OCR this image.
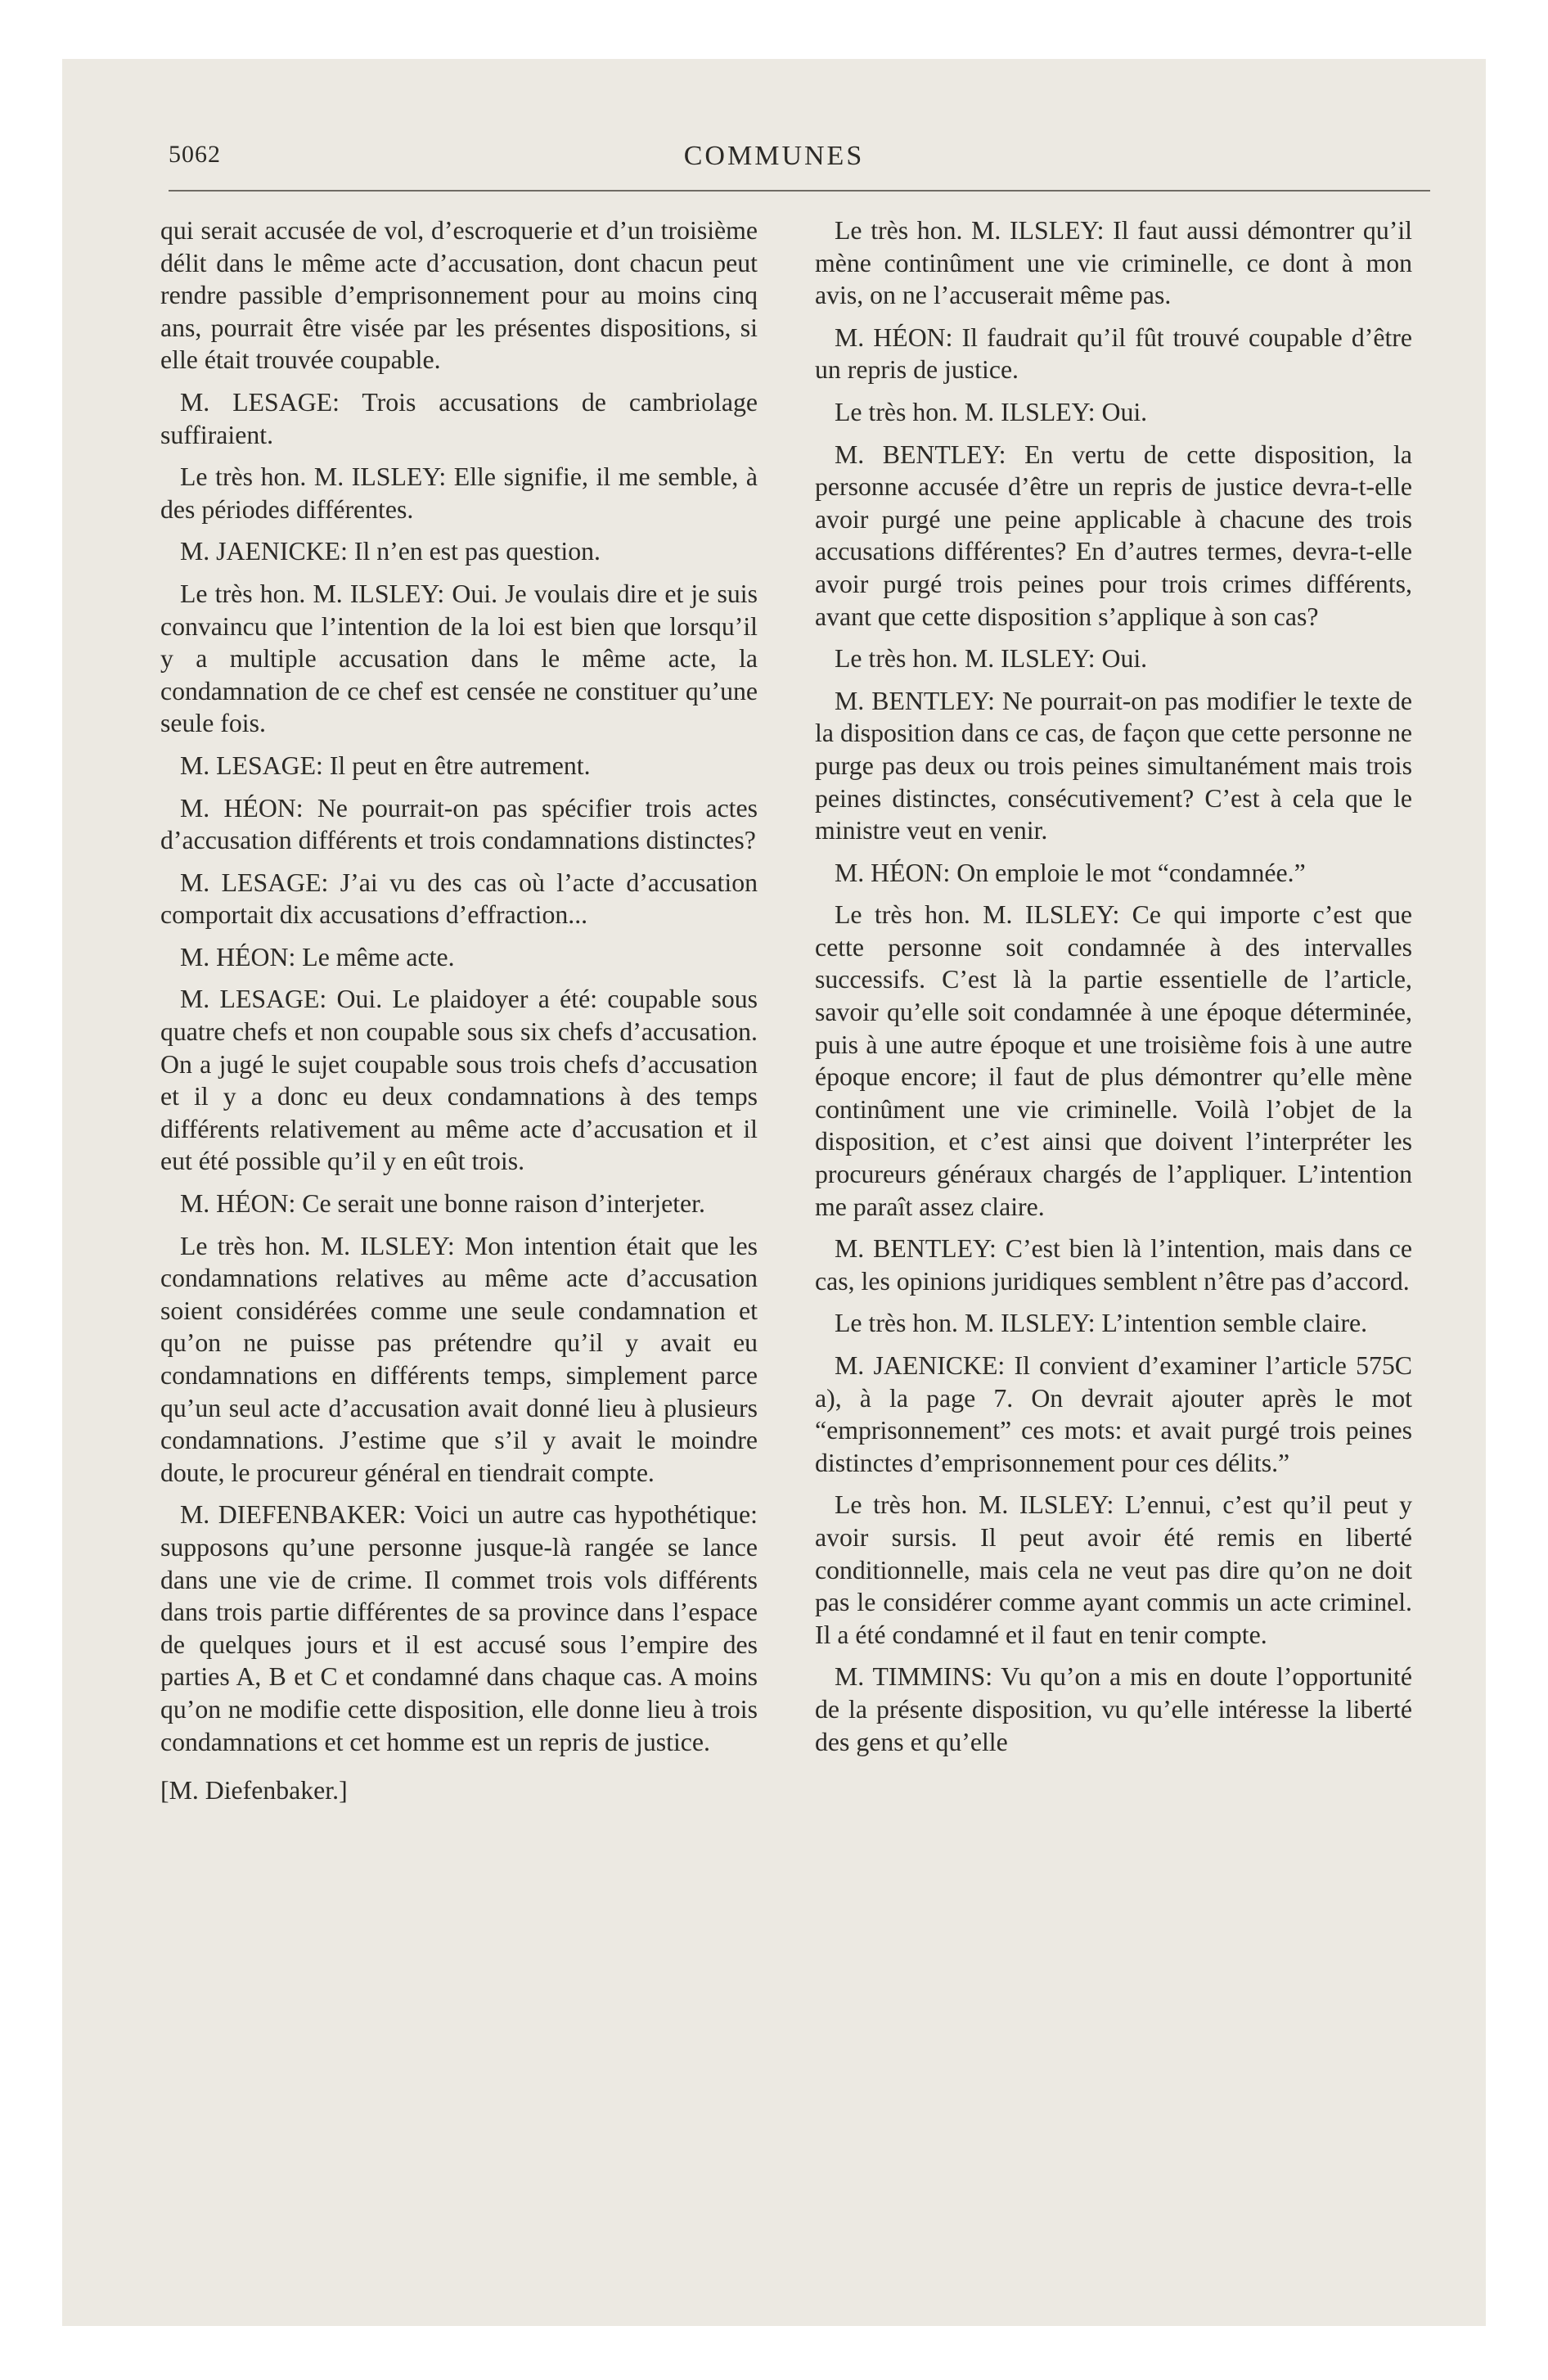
5062	COMMUNES

qui serait accusée de vol, d’escroquerie et d’un troisième délit dans le même acte d’accusation, dont chacun peut rendre passible d’emprisonnement pour au moins cinq ans, pourrait être visée par les présentes dispositions, si elle était trouvée coupable.

M. LESAGE: Trois accusations de cambriolage suffiraient.

Le très hon. M. ILSLEY: Elle signifie, il me semble, à des périodes différentes.

M. JAENICKE: Il n’en est pas question.

Le très hon. M. ILSLEY: Oui. Je voulais dire et je suis convaincu que l’intention de la loi est bien que lorsqu’il y a multiple accusation dans le même acte, la condamnation de ce chef est censée ne constituer qu’une seule fois.

M. LESAGE: Il peut en être autrement.

M. HÉON: Ne pourrait-on pas spécifier trois actes d’accusation différents et trois condamnations distinctes?

M. LESAGE: J’ai vu des cas où l’acte d’accusation comportait dix accusations d’effraction...

M. HÉON: Le même acte.

M. LESAGE: Oui. Le plaidoyer a été: coupable sous quatre chefs et non coupable sous six chefs d’accusation. On a jugé le sujet coupable sous trois chefs d’accusation et il y a donc eu deux condamnations à des temps différents relativement au même acte d’accusation et il eut été possible qu’il y en eût trois.

M. HÉON: Ce serait une bonne raison d’interjeter.

Le très hon. M. ILSLEY: Mon intention était que les condamnations relatives au même acte d’accusation soient considérées comme une seule condamnation et qu’on ne puisse pas prétendre qu’il y avait eu condamnations en différents temps, simplement parce qu’un seul acte d’accusation avait donné lieu à plusieurs condamnations. J’estime que s’il y avait le moindre doute, le procureur général en tiendrait compte.

M. DIEFENBAKER: Voici un autre cas hypothétique: supposons qu’une personne jusque-là rangée se lance dans une vie de crime. Il commet trois vols différents dans trois partie différentes de sa province dans l’espace de quelques jours et il est accusé sous l’empire des parties A, B et C et condamné dans chaque cas. A moins qu’on ne modifie cette disposition, elle donne lieu à trois condamnations et cet homme est un repris de justice.

[M. Diefenbaker.]

Le très hon. M. ILSLEY: Il faut aussi démontrer qu’il mène continûment une vie criminelle, ce dont à mon avis, on ne l’accuserait même pas.

M. HÉON: Il faudrait qu’il fût trouvé coupable d’être un repris de justice.

Le très hon. M. ILSLEY: Oui.

M. BENTLEY: En vertu de cette disposition, la personne accusée d’être un repris de justice devra-t-elle avoir purgé une peine applicable à chacune des trois accusations différentes? En d’autres termes, devra-t-elle avoir purgé trois peines pour trois crimes différents, avant que cette disposition s’applique à son cas?

Le très hon. M. ILSLEY: Oui.

M. BENTLEY: Ne pourrait-on pas modifier le texte de la disposition dans ce cas, de façon que cette personne ne purge pas deux ou trois peines simultanément mais trois peines distinctes, consécutivement? C’est à cela que le ministre veut en venir.

M. HÉON: On emploie le mot “condamnée.”

Le très hon. M. ILSLEY: Ce qui importe c’est que cette personne soit condamnée à des intervalles successifs. C’est là la partie essentielle de l’article, savoir qu’elle soit condamnée à une époque déterminée, puis à une autre époque et une troisième fois à une autre époque encore; il faut de plus démontrer qu’elle mène continûment une vie criminelle. Voilà l’objet de la disposition, et c’est ainsi que doivent l’interpréter les procureurs généraux chargés de l’appliquer. L’intention me paraît assez claire.

M. BENTLEY: C’est bien là l’intention, mais dans ce cas, les opinions juridiques semblent n’être pas d’accord.

Le très hon. M. ILSLEY: L’intention semble claire.

M. JAENICKE: Il convient d’examiner l’article 575C a), à la page 7. On devrait ajouter après le mot “emprisonnement” ces mots: et avait purgé trois peines distinctes d’emprisonnement pour ces délits.”

Le très hon. M. ILSLEY: L’ennui, c’est qu’il peut y avoir sursis. Il peut avoir été remis en liberté conditionnelle, mais cela ne veut pas dire qu’on ne doit pas le considérer comme ayant commis un acte criminel. Il a été condamné et il faut en tenir compte.

M. TIMMINS: Vu qu’on a mis en doute l’opportunité de la présente disposition, vu qu’elle intéresse la liberté des gens et qu’elle
